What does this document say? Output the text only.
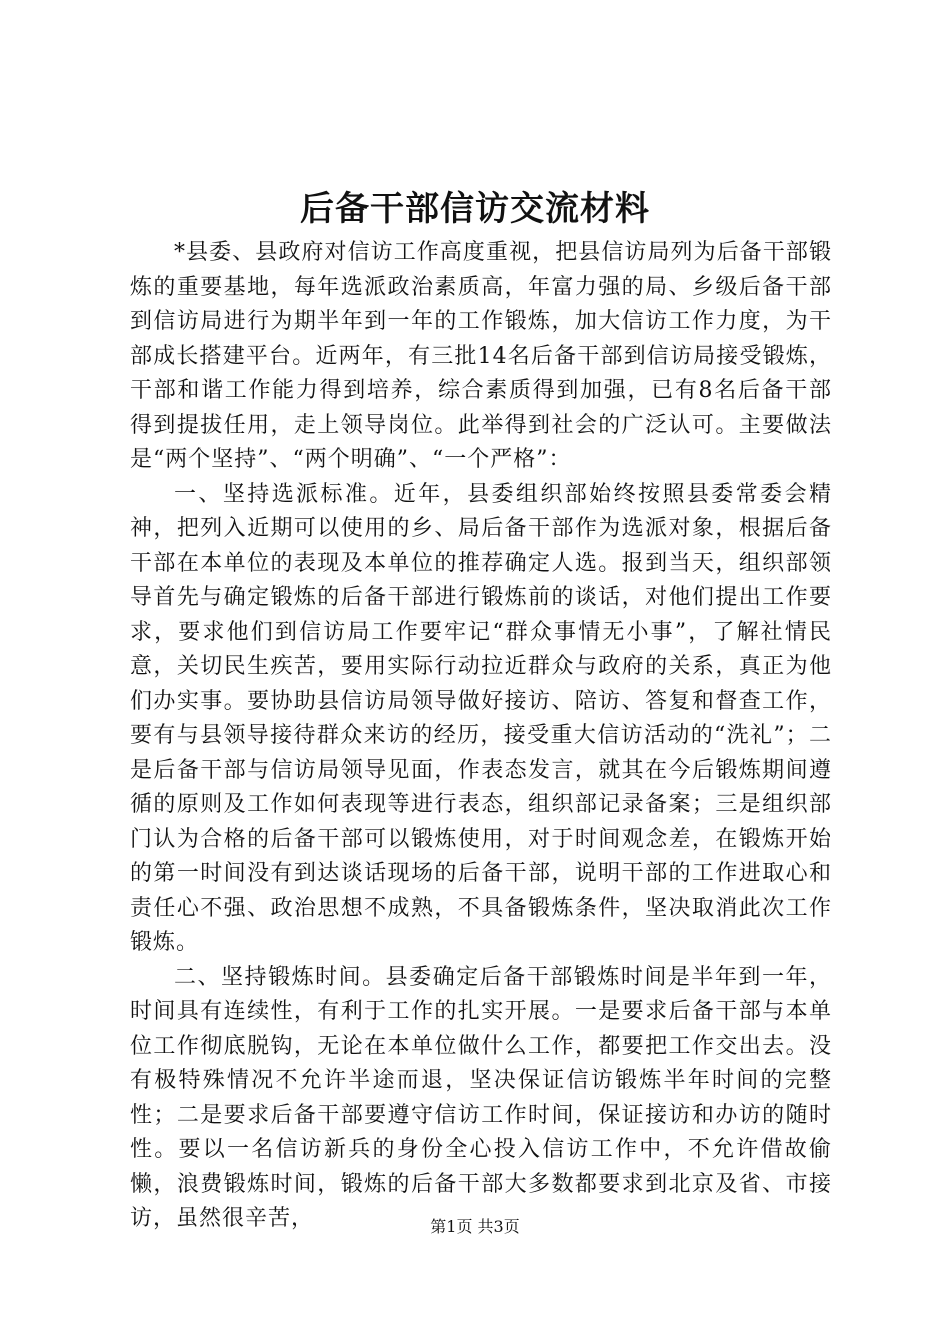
后备干部信访交流材料

*县委、县政府对信访工作高度重视，把县信访局列为后备干部锻炼的重要基地，每年选派政治素质高，年富力强的局、乡级后备干部到信访局进行为期半年到一年的工作锻炼，加大信访工作力度，为干部成长搭建平台。近两年，有三批14名后备干部到信访局接受锻炼，干部和谐工作能力得到培养，综合素质得到加强，已有8名后备干部得到提拔任用，走上领导岗位。此举得到社会的广泛认可。主要做法是“两个坚持”、“两个明确”、“一个严格”：

一、坚持选派标准。近年，县委组织部始终按照县委常委会精神，把列入近期可以使用的乡、局后备干部作为选派对象，根据后备干部在本单位的表现及本单位的推荐确定人选。报到当天，组织部领导首先与确定锻炼的后备干部进行锻炼前的谈话，对他们提出工作要求，要求他们到信访局工作要牢记“群众事情无小事”，了解社情民意，关切民生疾苦，要用实际行动拉近群众与政府的关系，真正为他们办实事。要协助县信访局领导做好接访、陪访、答复和督查工作，要有与县领导接待群众来访的经历，接受重大信访活动的“洗礼”；二是后备干部与信访局领导见面，作表态发言，就其在今后锻炼期间遵循的原则及工作如何表现等进行表态，组织部记录备案；三是组织部门认为合格的后备干部可以锻炼使用，对于时间观念差，在锻炼开始的第一时间没有到达谈话现场的后备干部，说明干部的工作进取心和责任心不强、政治思想不成熟，不具备锻炼条件，坚决取消此次工作锻炼。

二、坚持锻炼时间。县委确定后备干部锻炼时间是半年到一年，时间具有连续性，有利于工作的扎实开展。一是要求后备干部与本单位工作彻底脱钩，无论在本单位做什么工作，都要把工作交出去。没有极特殊情况不允许半途而退，坚决保证信访锻炼半年时间的完整性；二是要求后备干部要遵守信访工作时间，保证接访和办访的随时性。要以一名信访新兵的身份全心投入信访工作中，不允许借故偷懒，浪费锻炼时间，锻炼的后备干部大多数都要求到北京及省、市接访，虽然很辛苦，	第1页 共3页
